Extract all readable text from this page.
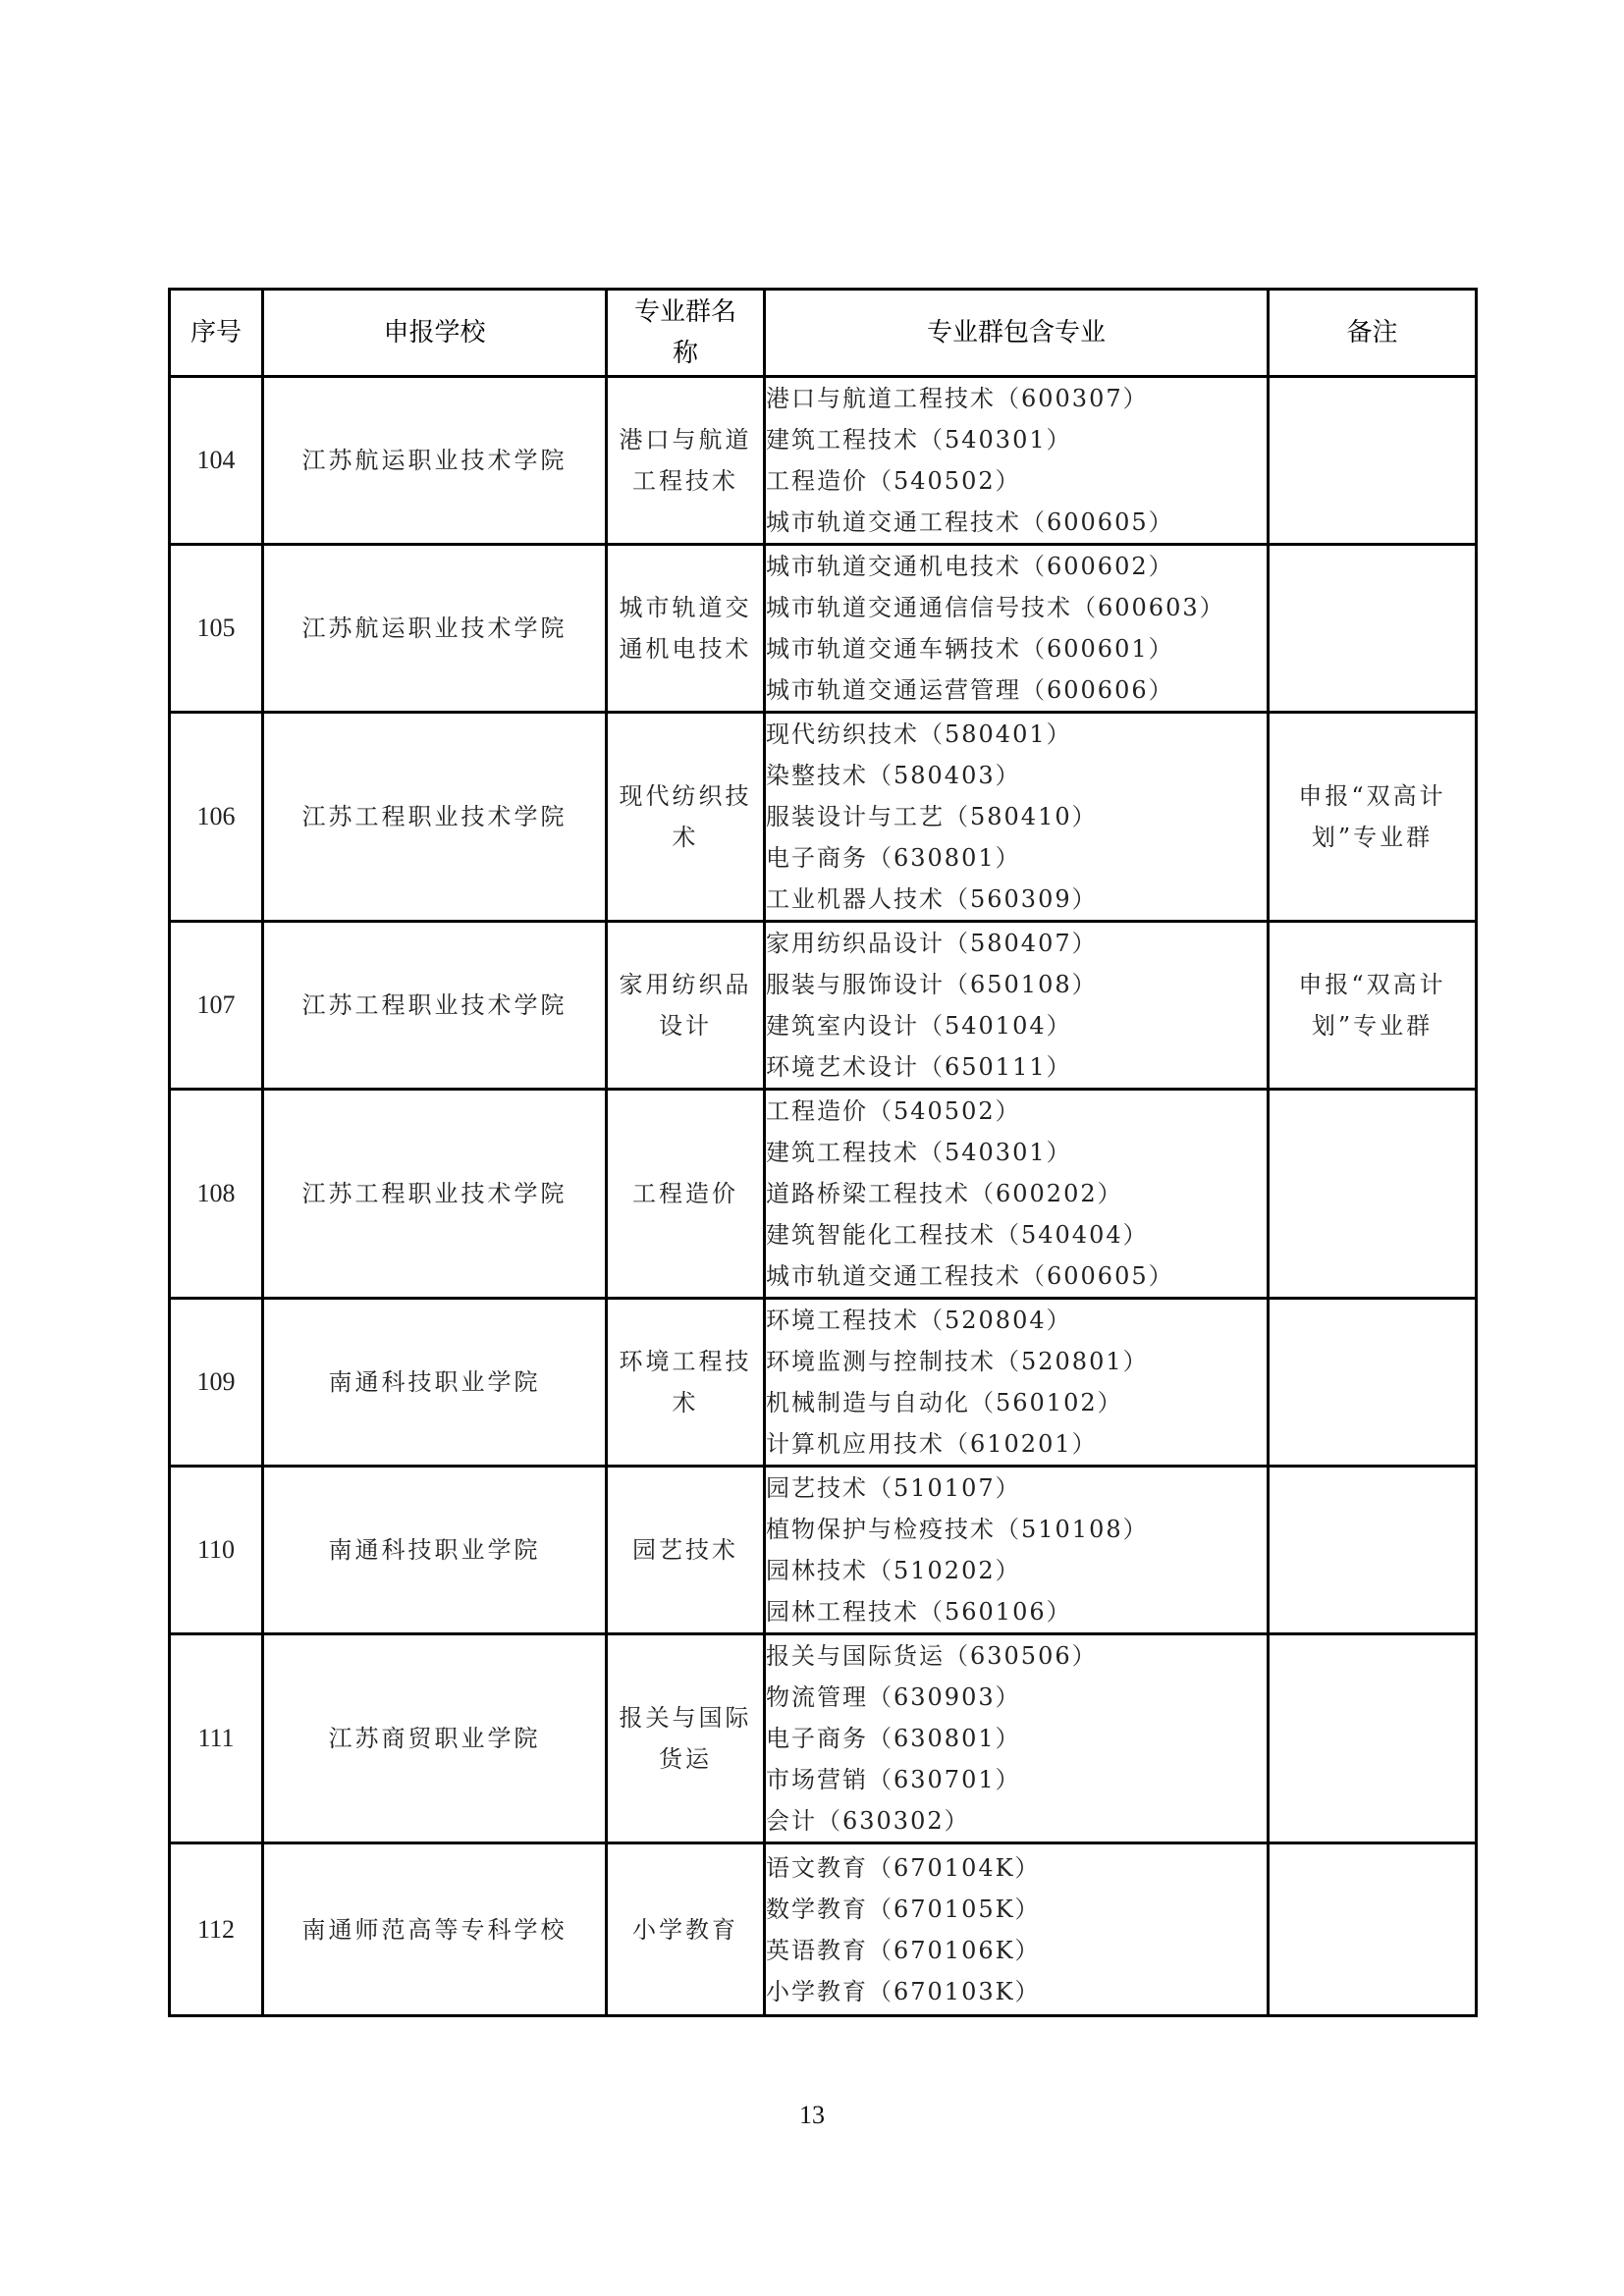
序号	申报学校	专业群名称	专业群包含专业	备注
104	江苏航运职业技术学院	港口与航道工程技术	港口与航道工程技术（600307）
建筑工程技术（540301）
工程造价（540502）
城市轨道交通工程技术（600605）	

105	江苏航运职业技术学院	城市轨道交通机电技术	城市轨道交通机电技术（600602）
城市轨道交通通信信号技术（600603）
城市轨道交通车辆技术（600601）
城市轨道交通运营管理（600606）	

106	江苏工程职业技术学院	现代纺织技术	现代纺织技术（580401）
染整技术（580403）
服装设计与工艺（580410）
电子商务（630801）
工业机器人技术（560309）	申报“双高计划”专业群
107	江苏工程职业技术学院	家用纺织品设计	家用纺织品设计（580407）
服装与服饰设计（650108）
建筑室内设计（540104）
环境艺术设计（650111）	申报“双高计划”专业群
108	江苏工程职业技术学院	工程造价	工程造价（540502）
建筑工程技术（540301）
道路桥梁工程技术（600202）
建筑智能化工程技术（540404）
城市轨道交通工程技术（600605）	

109	南通科技职业学院	环境工程技术	环境工程技术（520804）
环境监测与控制技术（520801）
机械制造与自动化（560102）
计算机应用技术（610201）	

110	南通科技职业学院	园艺技术	园艺技术（510107）
植物保护与检疫技术（510108）
园林技术（510202）
园林工程技术（560106）	

111	江苏商贸职业学院	报关与国际货运	报关与国际货运（630506）
物流管理（630903）
电子商务（630801）
市场营销（630701）
会计（630302）	

112	南通师范高等专科学校	小学教育	语文教育（670104K）
数学教育（670105K）
英语教育（670106K）
小学教育（670103K）	

13
